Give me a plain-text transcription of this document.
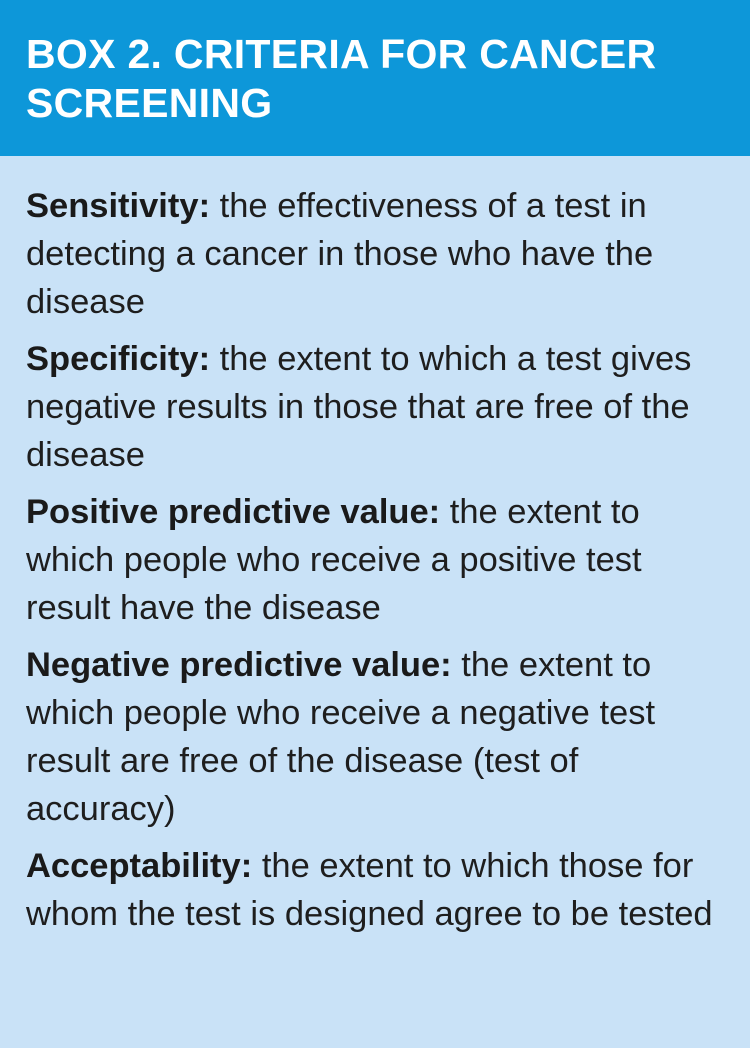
BOX 2. CRITERIA FOR CANCER SCREENING

Sensitivity: the effectiveness of a test in detecting a cancer in those who have the disease

Specificity: the extent to which a test gives negative results in those that are free of the disease

Positive predictive value: the extent to which people who receive a positive test result have the disease

Negative predictive value: the extent to which people who receive a negative test result are free of the disease (test of accuracy)

Acceptability: the extent to which those for whom the test is designed agree to be tested
